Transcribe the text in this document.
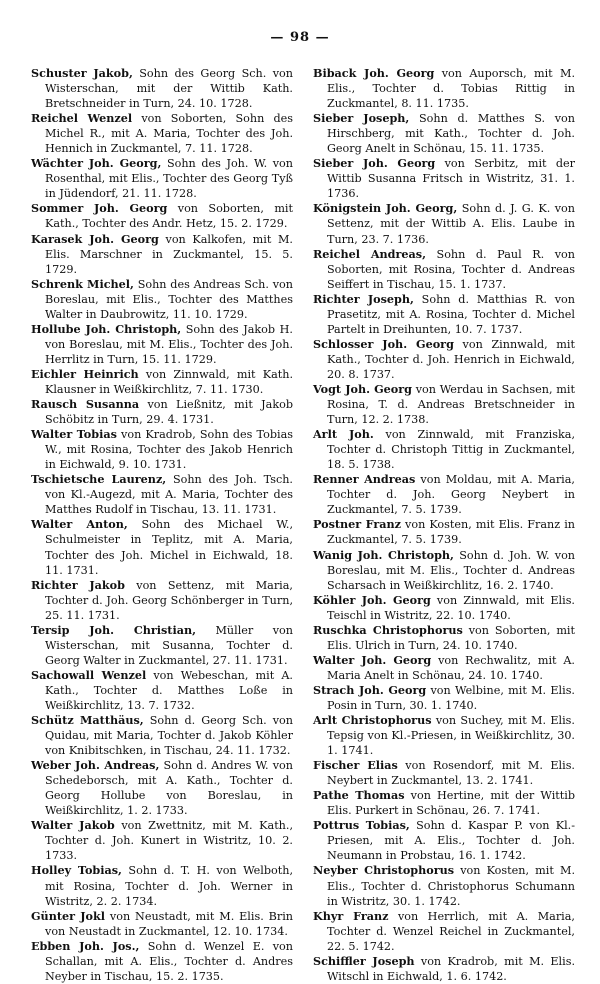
— 98 —
Schuster Jakob, Sohn des Georg Sch. von Wisterschan, mit der Wittib Kath. Bretschneider in Turn, 24. 10. 1728.
Reichel Wenzel von Soborten, Sohn des Michel R., mit A. Maria, Tochter des Joh. Hennich in Zuckmantel, 7. 11. 1728.
Wächter Joh. Georg, Sohn des Joh. W. von Rosenthal, mit Elis., Tochter des Georg Tyß in Jüdendorf, 21. 11. 1728.
Sommer Joh. Georg von Soborten, mit Kath., Tochter des Andr. Hetz, 15. 2. 1729.
Karasek Joh. Georg von Kalkofen, mit M. Elis. Marschner in Zuckmantel, 15. 5. 1729.
Schrenk Michel, Sohn des Andreas Sch. von Boreslau, mit Elis., Tochter des Matthes Walter in Daubrowitz, 11. 10. 1729.
Hollube Joh. Christoph, Sohn des Jakob H. von Boreslau, mit M. Elis., Tochter des Joh. Herrlitz in Turn, 15. 11. 1729.
Eichler Heinrich von Zinnwald, mit Kath. Klausner in Weißkirchlitz, 7. 11. 1730.
Rausch Susanna von Ließnitz, mit Jakob Schöbitz in Turn, 29. 4. 1731.
Walter Tobias von Kradrob, Sohn des Tobias W., mit Rosina, Tochter des Jakob Henrich in Eichwald, 9. 10. 1731.
Tschietsche Laurenz, Sohn des Joh. Tsch. von Kl.-Augezd, mit A. Maria, Tochter des Matthes Rudolf in Tischau, 13. 11. 1731.
Walter Anton, Sohn des Michael W., Schulmeister in Teplitz, mit A. Maria, Tochter des Joh. Michel in Eichwald, 18. 11. 1731.
Richter Jakob von Settenz, mit Maria, Tochter d. Joh. Georg Schönberger in Turn, 25. 11. 1731.
Tersip Joh. Christian, Müller von Wisterschan, mit Susanna, Tochter d. Georg Walter in Zuckmantel, 27. 11. 1731.
Sachowall Wenzel von Webeschan, mit A. Kath., Tochter d. Matthes Loße in Weißkirchlitz, 13. 7. 1732.
Schütz Matthäus, Sohn d. Georg Sch. von Quidau, mit Maria, Tochter d. Jakob Köhler von Knibitschken, in Tischau, 24. 11. 1732.
Weber Joh. Andreas, Sohn d. Andres W. von Schedeborsch, mit A. Kath., Tochter d. Georg Hollube von Boreslau, in Weißkirchlitz, 1. 2. 1733.
Walter Jakob von Zwettnitz, mit M. Kath., Tochter d. Joh. Kunert in Wistritz, 10. 2. 1733.
Holley Tobias, Sohn d. T. H. von Welboth, mit Rosina, Tochter d. Joh. Werner in Wistritz, 2. 2. 1734.
Günter Jokl von Neustadt, mit M. Elis. Brin von Neustadt in Zuckmantel, 12. 10. 1734.
Ebben Joh. Jos., Sohn d. Wenzel E. von Schallan, mit A. Elis., Tochter d. Andres Neyber in Tischau, 15. 2. 1735.
Biback Joh. Georg von Auporsch, mit M. Elis., Tochter d. Tobias Rittig in Zuckmantel, 8. 11. 1735.
Sieber Joseph, Sohn d. Matthes S. von Hirschberg, mit Kath., Tochter d. Joh. Georg Anelt in Schönau, 15. 11. 1735.
Sieber Joh. Georg von Serbitz, mit der Wittib Susanna Fritsch in Wistritz, 31. 1. 1736.
Königstein Joh. Georg, Sohn d. J. G. K. von Settenz, mit der Wittib A. Elis. Laube in Turn, 23. 7. 1736.
Reichel Andreas, Sohn d. Paul R. von Soborten, mit Rosina, Tochter d. Andreas Seiffert in Tischau, 15. 1. 1737.
Richter Joseph, Sohn d. Matthias R. von Prasetitz, mit A. Rosina, Tochter d. Michel Partelt in Dreihunten, 10. 7. 1737.
Schlosser Joh. Georg von Zinnwald, mit Kath., Tochter d. Joh. Henrich in Eichwald, 20. 8. 1737.
Vogt Joh. Georg von Werdau in Sachsen, mit Rosina, T. d. Andreas Bretschneider in Turn, 12. 2. 1738.
Arlt Joh. von Zinnwald, mit Franziska, Tochter d. Christoph Tittig in Zuckmantel, 18. 5. 1738.
Renner Andreas von Moldau, mit A. Maria, Tochter d. Joh. Georg Neybert in Zuckmantel, 7. 5. 1739.
Postner Franz von Kosten, mit Elis. Franz in Zuckmantel, 7. 5. 1739.
Wanig Joh. Christoph, Sohn d. Joh. W. von Boreslau, mit M. Elis., Tochter d. Andreas Scharsach in Weißkirchlitz, 16. 2. 1740.
Köhler Joh. Georg von Zinnwald, mit Elis. Teischl in Wistritz, 22. 10. 1740.
Ruschka Christophorus von Soborten, mit Elis. Ulrich in Turn, 24. 10. 1740.
Walter Joh. Georg von Rechwalitz, mit A. Maria Anelt in Schönau, 24. 10. 1740.
Strach Joh. Georg von Welbine, mit M. Elis. Posin in Turn, 30. 1. 1740.
Arlt Christophorus von Suchey, mit M. Elis. Tepsig von Kl.-Priesen, in Weißkirchlitz, 30. 1. 1741.
Fischer Elias von Rosendorf, mit M. Elis. Neybert in Zuckmantel, 13. 2. 1741.
Pathe Thomas von Hertine, mit der Wittib Elis. Purkert in Schönau, 26. 7. 1741.
Pottrus Tobias, Sohn d. Kaspar P. von Kl.-Priesen, mit A. Elis., Tochter d. Joh. Neumann in Probstau, 16. 1. 1742.
Neyber Christophorus von Kosten, mit M. Elis., Tochter d. Christophorus Schumann in Wistritz, 30. 1. 1742.
Khyr Franz von Herrlich, mit A. Maria, Tochter d. Wenzel Reichel in Zuckmantel, 22. 5. 1742.
Schiffler Joseph von Kradrob, mit M. Elis. Witschl in Eichwald, 1. 6. 1742.
